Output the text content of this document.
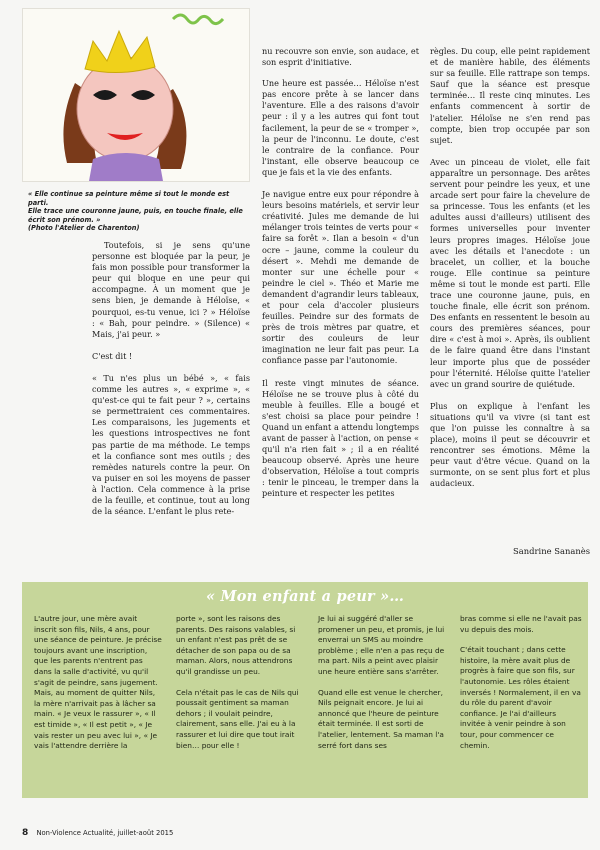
« Elle continue sa peinture même si tout le monde est parti.
Elle trace une couronne jaune, puis, en touche finale, elle
écrit son prénom. »
(Photo l'Atelier de Charenton)

Toutefois, si je sens qu'une personne est bloquée par la peur, je fais mon possible pour transformer la peur qui bloque en une peur qui accompagne. À un moment que je sens bien, je demande à Héloïse, « pourquoi, es-tu venue, ici ? » Héloïse : « Bah, pour peindre. » (Silence) « Mais, j'ai peur. »

C'est dit !

« Tu n'es plus un bébé », « fais comme les autres », « exprime », « qu'est-ce qui te fait peur ? », certains se permettraient ces commentaires. Les comparaisons, les jugements et les questions introspectives ne font pas partie de ma méthode. Le temps et la confiance sont mes outils ; des remèdes naturels contre la peur. On va puiser en soi les moyens de passer à l'action. Cela commence à la prise de la feuille, et continue, tout au long de la séance. L'enfant le plus rete-

nu recouvre son envie, son audace, et son esprit d'initiative.

Une heure est passée… Héloïse n'est pas encore prête à se lancer dans l'aventure. Elle a des raisons d'avoir peur : il y a les autres qui font tout facilement, la peur de se « tromper », la peur de l'inconnu. Le doute, c'est le contraire de la confiance. Pour l'instant, elle observe beaucoup ce que je fais et la vie des enfants.

Je navigue entre eux pour répondre à leurs besoins matériels, et servir leur créativité. Jules me demande de lui mélanger trois teintes de verts pour « faire sa forêt ». Ilan a besoin « d'un ocre – jaune, comme la couleur du désert ». Mehdi me demande de monter sur une échelle pour « peindre le ciel ». Théo et Marie me demandent d'agrandir leurs tableaux, et pour cela d'accoler plusieurs feuilles. Peindre sur des formats de près de trois mètres par quatre, et sortir des couleurs de leur imagination ne leur fait pas peur. La confiance passe par l'autonomie.

Il reste vingt minutes de séance. Héloïse ne se trouve plus à côté du meuble à feuilles. Elle a bougé et s'est choisi sa place pour peindre ! Quand un enfant a attendu longtemps avant de passer à l'action, on pense « qu'il n'a rien fait » ; il a en réalité beaucoup observé. Après une heure d'observation, Héloïse a tout compris : tenir le pinceau, le tremper dans la peinture et respecter les petites

règles. Du coup, elle peint rapidement et de manière habile, des éléments sur sa feuille. Elle rattrape son temps. Sauf que la séance est presque terminée… Il reste cinq minutes. Les enfants commencent à sortir de l'atelier. Héloïse ne s'en rend pas compte, bien trop occupée par son sujet.

Avec un pinceau de violet, elle fait apparaître un personnage. Des arêtes servent pour peindre les yeux, et une arcade sert pour faire la chevelure de sa princesse. Tous les enfants (et les adultes aussi d'ailleurs) utilisent des formes universelles pour inventer leurs propres images. Héloïse joue avec les détails et l'anecdote : un bracelet, un collier, et la bouche rouge. Elle continue sa peinture même si tout le monde est parti. Elle trace une couronne jaune, puis, en touche finale, elle écrit son prénom. Des enfants en ressentent le besoin au cours des premières séances, pour dire « c'est à moi ». Après, ils oublient de le faire quand être dans l'instant leur importe plus que de posséder pour l'éternité. Héloïse quitte l'atelier avec un grand sourire de quiétude.

Plus on explique à l'enfant les situations qu'il va vivre (si tant est que l'on puisse les connaître à sa place), moins il peut se découvrir et rencontrer ses émotions. Même la peur vaut d'être vécue. Quand on la surmonte, on se sent plus fort et plus audacieux.

Sandrine Sananès
« Mon enfant a peur »…

L'autre jour, une mère avait inscrit son fils, Nils, 4 ans, pour une séance de peinture. Je précise toujours avant une inscription, que les parents n'entrent pas dans la salle d'activité, vu qu'il s'agit de peindre, sans jugement. Mais, au moment de quitter Nils, la mère n'arrivait pas à lâcher sa main. « Je veux le rassurer », « Il est timide », « Il est petit », « Je vais rester un peu avec lui », « Je vais l'attendre derrière la

porte », sont les raisons des parents. Des raisons valables, si un enfant n'est pas prêt de se détacher de son papa ou de sa maman. Alors, nous attendrons qu'il grandisse un peu.

Cela n'était pas le cas de Nils qui poussait gentiment sa maman dehors ; il voulait peindre, clairement, sans elle. J'ai eu à la rassurer et lui dire que tout irait bien… pour elle !

Je lui ai suggéré d'aller se promener un peu, et promis, je lui enverrai un SMS au moindre problème ; elle n'en a pas reçu de ma part. Nils a peint avec plaisir une heure entière sans s'arrêter.

Quand elle est venue le chercher, Nils peignait encore. Je lui ai annoncé que l'heure de peinture était terminée. Il est sorti de l'atelier, lentement. Sa maman l'a serré fort dans ses

bras comme si elle ne l'avait pas vu depuis des mois.

C'était touchant ; dans cette histoire, la mère avait plus de progrès à faire que son fils, sur l'autonomie. Les rôles étaient inversés ! Normalement, il en va du rôle du parent d'avoir confiance. Je l'ai d'ailleurs invitée à venir peindre à son tour, pour commencer ce chemin.

8 Non-Violence Actualité, juillet-août 2015
